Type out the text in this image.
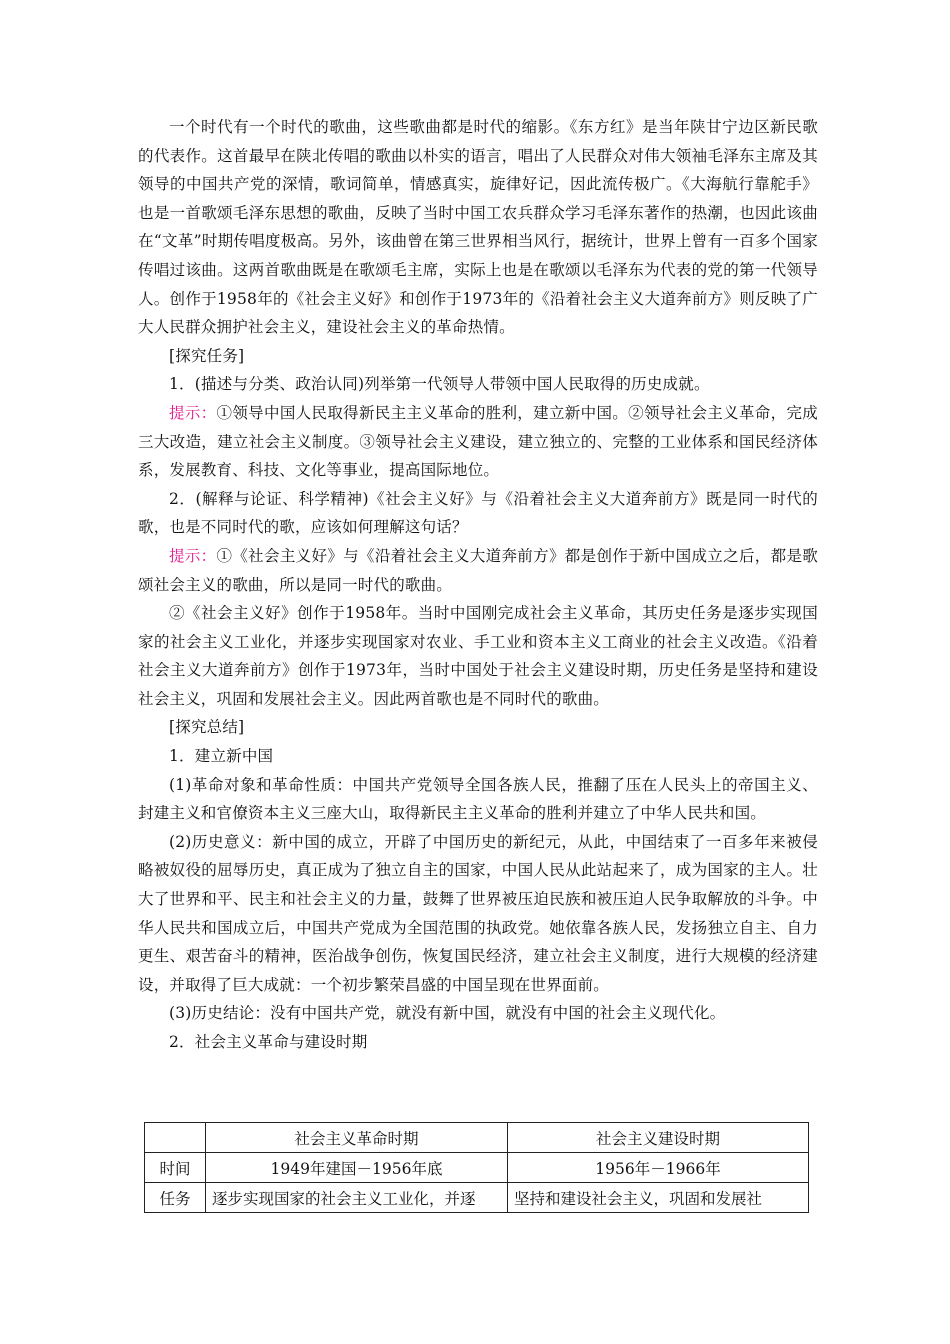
一个时代有一个时代的歌曲，这些歌曲都是时代的缩影。《东方红》是当年陕甘宁边区新民歌的代表作。这首最早在陕北传唱的歌曲以朴实的语言，唱出了人民群众对伟大领袖毛泽东主席及其领导的中国共产党的深情，歌词简单，情感真实，旋律好记，因此流传极广。《大海航行靠舵手》也是一首歌颂毛泽东思想的歌曲，反映了当时中国工农兵群众学习毛泽东著作的热潮，也因此该曲在“文革”时期传唱度极高。另外，该曲曾在第三世界相当风行，据统计，世界上曾有一百多个国家传唱过该曲。这两首歌曲既是在歌颂毛主席，实际上也是在歌颂以毛泽东为代表的党的第一代领导人。创作于1958年的《社会主义好》和创作于1973年的《沿着社会主义大道奔前方》则反映了广大人民群众拥护社会主义，建设社会主义的革命热情。

[探究任务]

1．(描述与分类、政治认同)列举第一代领导人带领中国人民取得的历史成就。

提示：①领导中国人民取得新民主主义革命的胜利，建立新中国。②领导社会主义革命，完成三大改造，建立社会主义制度。③领导社会主义建设，建立独立的、完整的工业体系和国民经济体系，发展教育、科技、文化等事业，提高国际地位。

2．(解释与论证、科学精神)《社会主义好》与《沿着社会主义大道奔前方》既是同一时代的歌，也是不同时代的歌，应该如何理解这句话？

提示：①《社会主义好》与《沿着社会主义大道奔前方》都是创作于新中国成立之后，都是歌颂社会主义的歌曲，所以是同一时代的歌曲。

②《社会主义好》创作于1958年。当时中国刚完成社会主义革命，其历史任务是逐步实现国家的社会主义工业化，并逐步实现国家对农业、手工业和资本主义工商业的社会主义改造。《沿着社会主义大道奔前方》创作于1973年，当时中国处于社会主义建设时期，历史任务是坚持和建设社会主义，巩固和发展社会主义。因此两首歌也是不同时代的歌曲。

[探究总结]

1．建立新中国

(1)革命对象和革命性质：中国共产党领导全国各族人民，推翻了压在人民头上的帝国主义、封建主义和官僚资本主义三座大山，取得新民主主义革命的胜利并建立了中华人民共和国。

(2)历史意义：新中国的成立，开辟了中国历史的新纪元，从此，中国结束了一百多年来被侵略被奴役的屈辱历史，真正成为了独立自主的国家，中国人民从此站起来了，成为国家的主人。壮大了世界和平、民主和社会主义的力量，鼓舞了世界被压迫民族和被压迫人民争取解放的斗争。中华人民共和国成立后，中国共产党成为全国范围的执政党。她依靠各族人民，发扬独立自主、自力更生、艰苦奋斗的精神，医治战争创伤，恢复国民经济，建立社会主义制度，进行大规模的经济建设，并取得了巨大成就：一个初步繁荣昌盛的中国呈现在世界面前。

(3)历史结论：没有中国共产党，就没有新中国，就没有中国的社会主义现代化。

2．社会主义革命与建设时期

	社会主义革命时期	社会主义建设时期
时间	1949年建国－1956年底	1956年－1966年
任务	逐步实现国家的社会主义工业化，并逐	坚持和建设社会主义，巩固和发展社
